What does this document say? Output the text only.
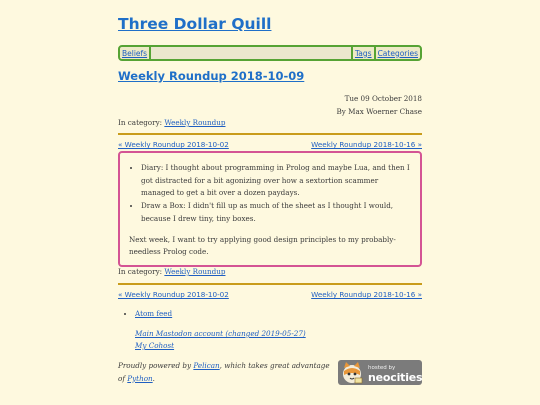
Three Dollar Quill
Beliefs	Tags Categories
Weekly Roundup 2018-10-09
Tue 09 October 2018
By Max Woerner Chase
In category: Weekly Roundup
« Weekly Roundup 2018-10-02	Weekly Roundup 2018-10-16 »
• Diary: I thought about programming in Prolog and maybe Lua, and then I got distracted for a bit agonizing over how a sextortion scammer managed to get a bit over a dozen paydays.
• Draw a Box: I didn't fill up as much of the sheet as I thought I would, because I drew tiny, tiny boxes.

Next week, I want to try applying good design principles to my probably-needless Prolog code.

In category: Weekly Roundup
« Weekly Roundup 2018-10-02	Weekly Roundup 2018-10-16 »
• Atom feed
Main Mastodon account (changed 2019-05-27)
My Cohost
Proudly powered by Pelican, which takes great advantage of Python.
hosted by
neocities
